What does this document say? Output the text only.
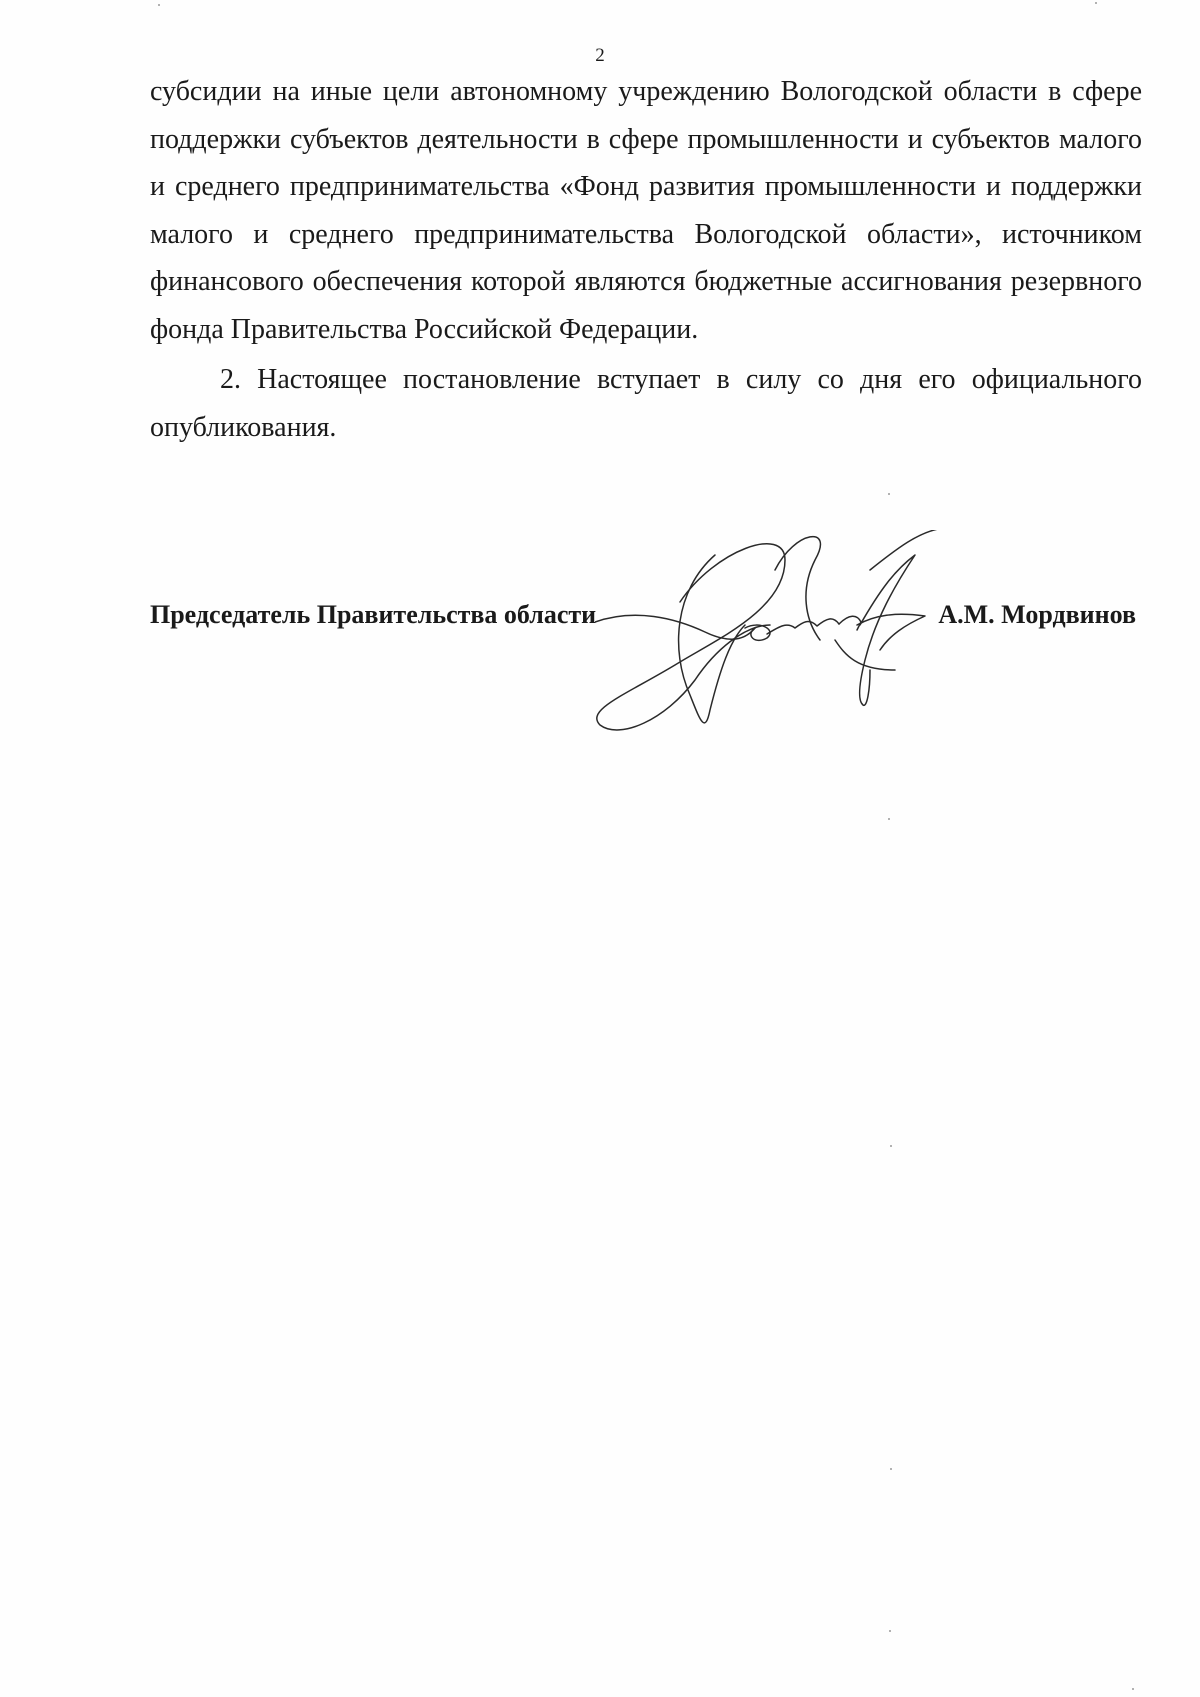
2

субсидии на иные цели автономному учреждению Вологодской области в сфере поддержки субъектов деятельности в сфере промышленности и субъектов малого и среднего предпринимательства «Фонд развития промышленности и поддержки малого и среднего предпринимательства Вологодской области», источником финансового обеспечения которой являются бюджетные ассигнования резервного фонда Правительства Российской Федерации.

2. Настоящее постановление вступает в силу со дня его официального опубликования.

Председатель Правительства области	А.М. Мордвинов
